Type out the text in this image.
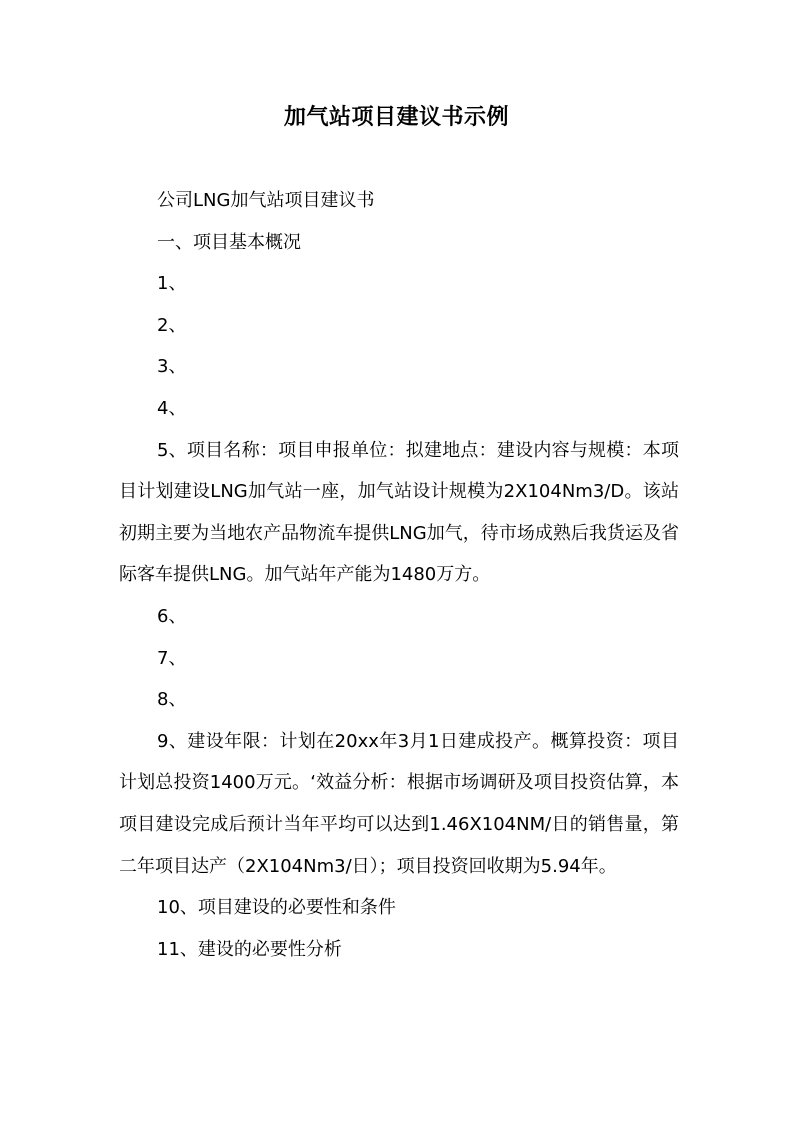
加气站项目建议书示例

公司LNG加气站项目建议书

一、项目基本概况

1、

2、

3、

4、

5、项目名称：项目申报单位：拟建地点：建设内容与规模：本项目计划建设LNG加气站一座，加气站设计规模为2X104Nm3/D。该站初期主要为当地农产品物流车提供LNG加气，待市场成熟后我货运及省际客车提供LNG。加气站年产能为1480万方。

6、

7、

8、

9、建设年限：计划在20xx年3月1日建成投产。概算投资：项目计划总投资1400万元。‘效益分析：根据市场调研及项目投资估算，本项目建设完成后预计当年平均可以达到1.46X104NM/日的销售量，第二年项目达产（2X104Nm3/日）；项目投资回收期为5.94年。

10、项目建设的必要性和条件

11、建设的必要性分析
